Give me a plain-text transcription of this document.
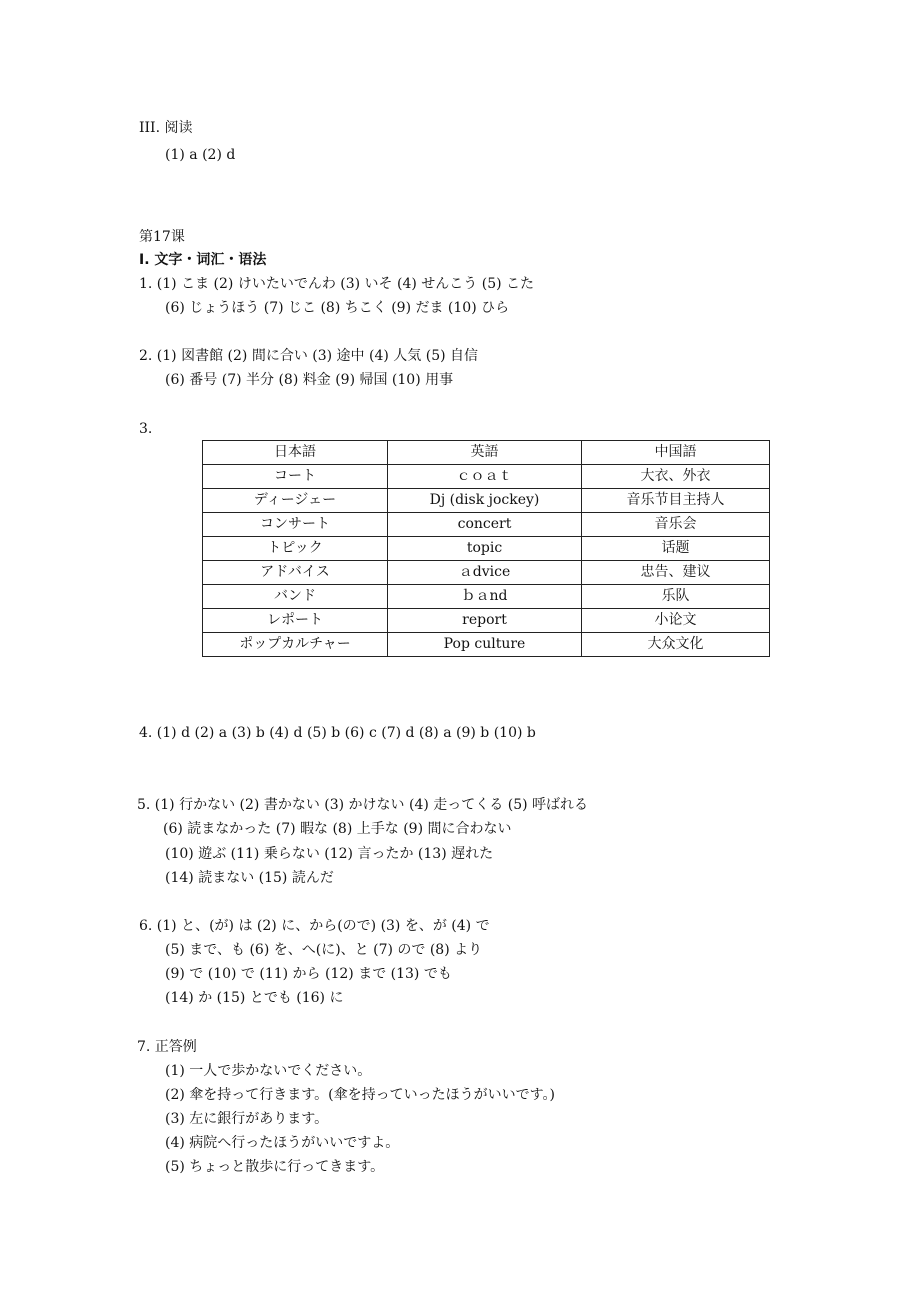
III. 阅读
(1) a (2) d
第17课
Ⅰ. 文字・词汇・语法
1. (1) こま (2) けいたいでんわ (3) いそ (4) せんこう (5) こた
(6) じょうほう (7) じこ (8) ちこく (9) だま (10) ひら
2. (1) 図書館 (2) 間に合い (3) 途中 (4) 人気 (5) 自信
(6) 番号 (7) 半分 (8) 料金 (9) 帰国 (10) 用事
3.
日本語	英語	中国語
コート	ｃｏａｔ	大衣、外衣
ディージェー	Dj (disk jockey)	音乐节目主持人
コンサート	concert	音乐会
トピック	topic	话题
アドバイス	ａdvice	忠告、建议
バンド	ｂａnd	乐队
レポート	report	小论文
ポップカルチャー	Pop culture	大众文化
4. (1) d (2) a (3) b (4) d (5) b (6) c (7) d (8) a (9) b (10) b
5. (1) 行かない (2) 書かない (3) かけない (4) 走ってくる (5) 呼ばれる
(6) 読まなかった (7) 暇な (8) 上手な (9) 間に合わない
(10) 遊ぶ (11) 乗らない (12) 言ったか (13) 遅れた
(14) 読まない (15) 読んだ
6. (1) と、(が) は (2) に、から(ので) (3) を、が (4) で
(5) まで、も (6) を、へ(に)、と (7) ので (8) より
(9) で (10) で (11) から (12) まで (13) でも
(14) か (15) とでも (16) に
7. 正答例
(1) 一人で歩かないでください。
(2) 傘を持って行きます。(傘を持っていったほうがいいです。)
(3) 左に銀行があります。
(4) 病院へ行ったほうがいいですよ。
(5) ちょっと散歩に行ってきます。
